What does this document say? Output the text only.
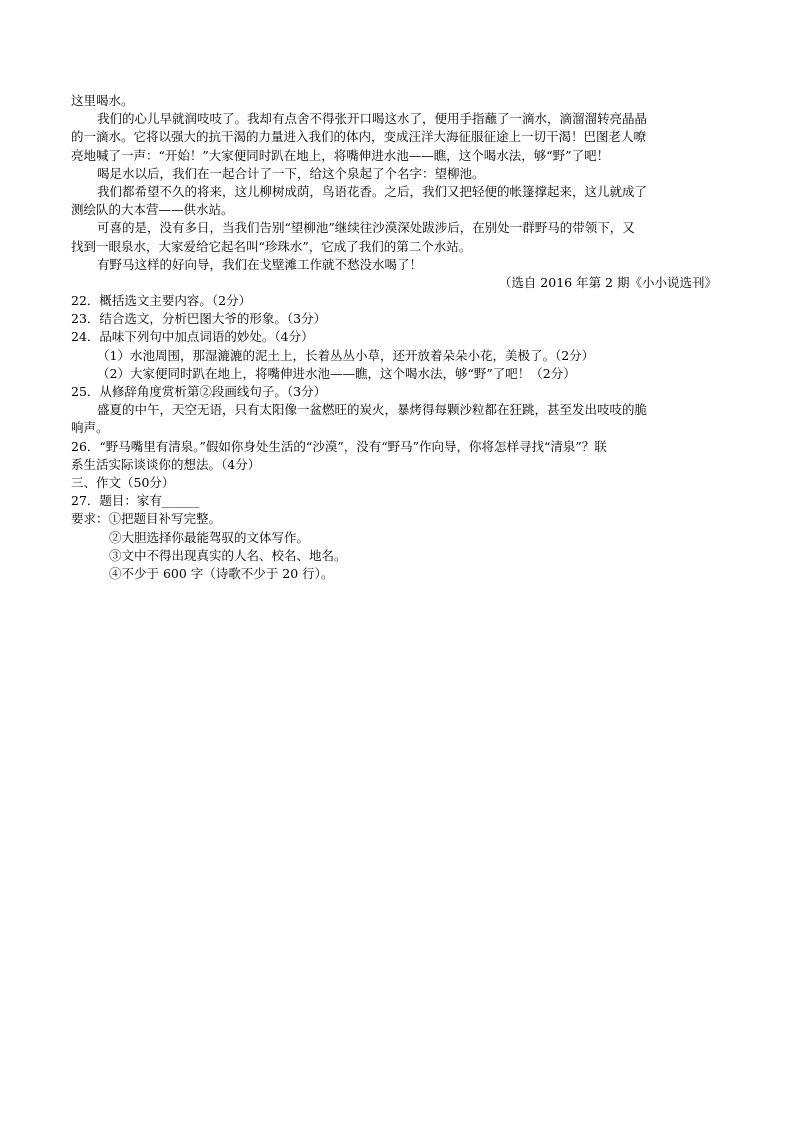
这里喝水。
我们的心儿早就润吱吱了。我却有点舍不得张开口喝这水了，便用手指蘸了一滴水，滴溜溜转亮晶晶
的一滴水。它将以强大的抗干渴的力量进入我们的体内，变成汪洋大海征服征途上一切干渴！巴图老人嘹
亮地喊了一声：“开始！”大家便同时趴在地上，将嘴伸进水池——瞧，这个喝水法，够“野”了吧！
喝足水以后，我们在一起合计了一下，给这个泉起了个名字：望柳池。
我们都希望不久的将来，这儿柳树成荫，鸟语花香。之后，我们又把轻便的帐篷撑起来，这儿就成了
测绘队的大本营——供水站。
可喜的是，没有多日，当我们告别“望柳池”继续往沙漠深处跋涉后，在别处一群野马的带领下，又
找到一眼泉水，大家爱给它起名叫“珍珠水”，它成了我们的第二个水站。
有野马这样的好向导，我们在戈壁滩工作就不愁没水喝了！
（选自 2016 年第 2 期《小小说选刊》
22．概括选文主要内容。（2分）
23．结合选文，分析巴图大爷的形象。（3分）
24．品味下列句中加点词语的妙处。（4分）
（1）水池周围，那湿漉漉的泥土上，长着丛丛小草，还开放着朵朵小花，美极了。（2分）
（2）大家便同时趴在地上，将嘴伸进水池——瞧，这个喝水法，够“野”了吧！（2分）
25．从修辞角度赏析第②段画线句子。（3分）
盛夏的中午，天空无语，只有太阳像一盆燃旺的炭火，暴烤得每颗沙粒都在狂跳，甚至发出吱吱的脆
响声。
26．“野马嘴里有清泉。”假如你身处生活的“沙漠”，没有“野马”作向导，你将怎样寻找“清泉”？联
系生活实际谈谈你的想法。（4分）
三、作文（50分）
27．题目：家有______
要求：①把题目补写完整。
②大胆选择你最能驾驭的文体写作。
③文中不得出现真实的人名、校名、地名。
④不少于 600 字（诗歌不少于 20 行）。
